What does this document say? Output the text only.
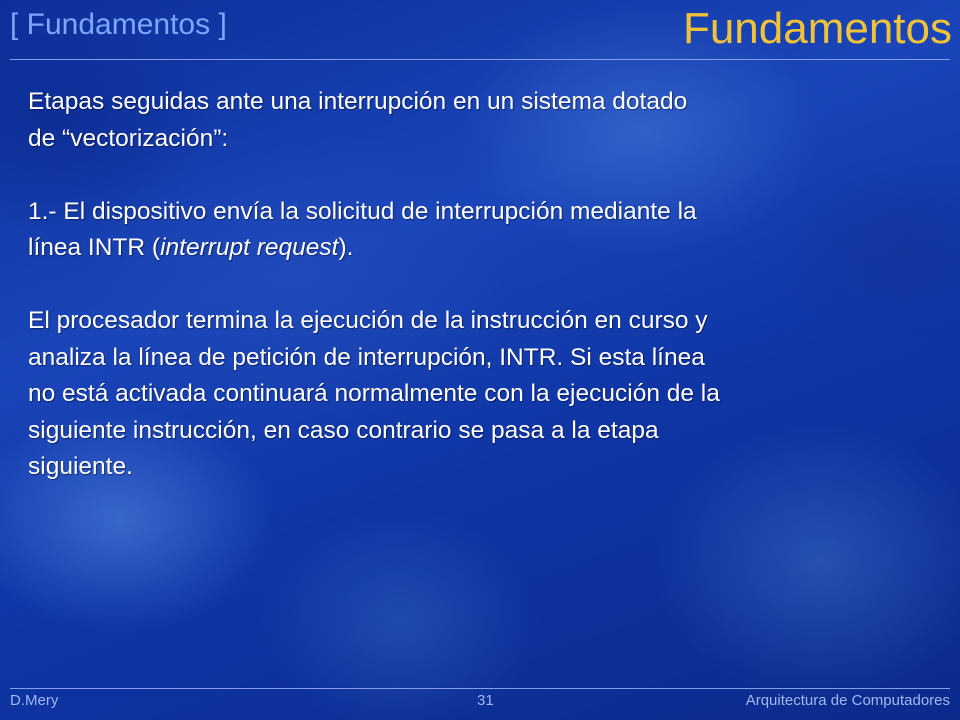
[ Fundamentos ]	Fundamentos
Etapas seguidas ante una interrupción en un sistema dotado
de “vectorización”:
1.- El dispositivo envía la solicitud de interrupción mediante la
línea INTR (interrupt request).
El procesador termina la ejecución de la instrucción en curso y
analiza la línea de petición de interrupción, INTR. Si esta línea
no está activada continuará normalmente con la ejecución de la
siguiente instrucción, en caso contrario se pasa a la etapa
siguiente.
D.Mery	31	Arquitectura de Computadores
